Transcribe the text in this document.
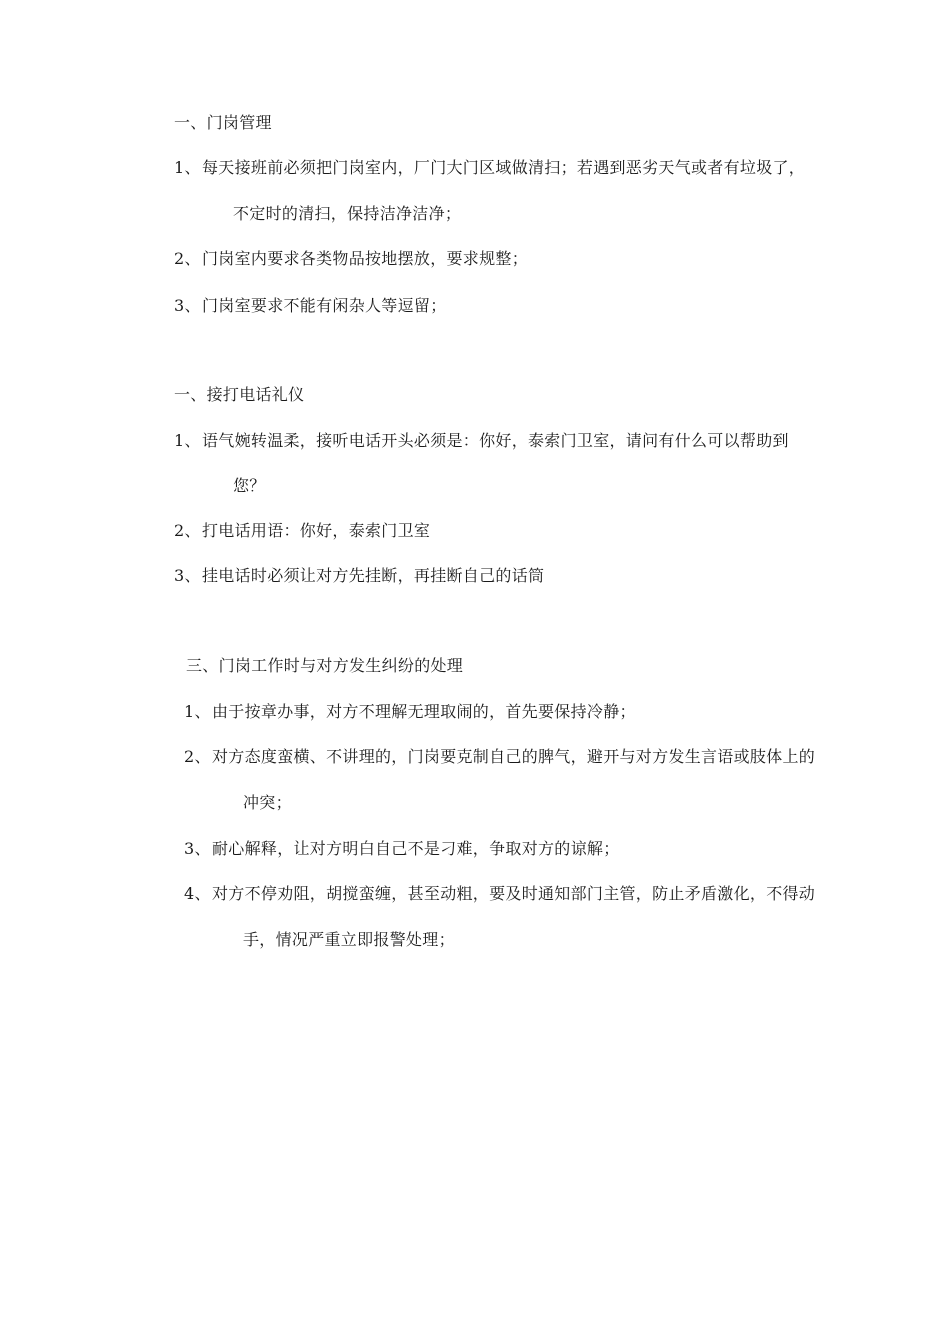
一、门岗管理
1、 每天接班前必须把门岗室内，厂门大门区域做清扫；若遇到恶劣天气或者有垃圾了，
不定时的清扫，保持洁净洁净；
2、 门岗室内要求各类物品按地摆放，要求规整；
3、 门岗室要求不能有闲杂人等逗留；
一、接打电话礼仪
1、 语气婉转温柔，接听电话开头必须是：你好，泰索门卫室，请问有什么可以帮助到
您？
2、 打电话用语：你好，泰索门卫室
3、 挂电话时必须让对方先挂断，再挂断自己的话筒
三、门岗工作时与对方发生纠纷的处理
1、 由于按章办事，对方不理解无理取闹的，首先要保持冷静；
2、 对方态度蛮横、不讲理的，门岗要克制自己的脾气，避开与对方发生言语或肢体上的
冲突；
3、 耐心解释，让对方明白自己不是刁难，争取对方的谅解；
4、 对方不停劝阻，胡搅蛮缠，甚至动粗，要及时通知部门主管，防止矛盾激化，不得动
手，情况严重立即报警处理；
